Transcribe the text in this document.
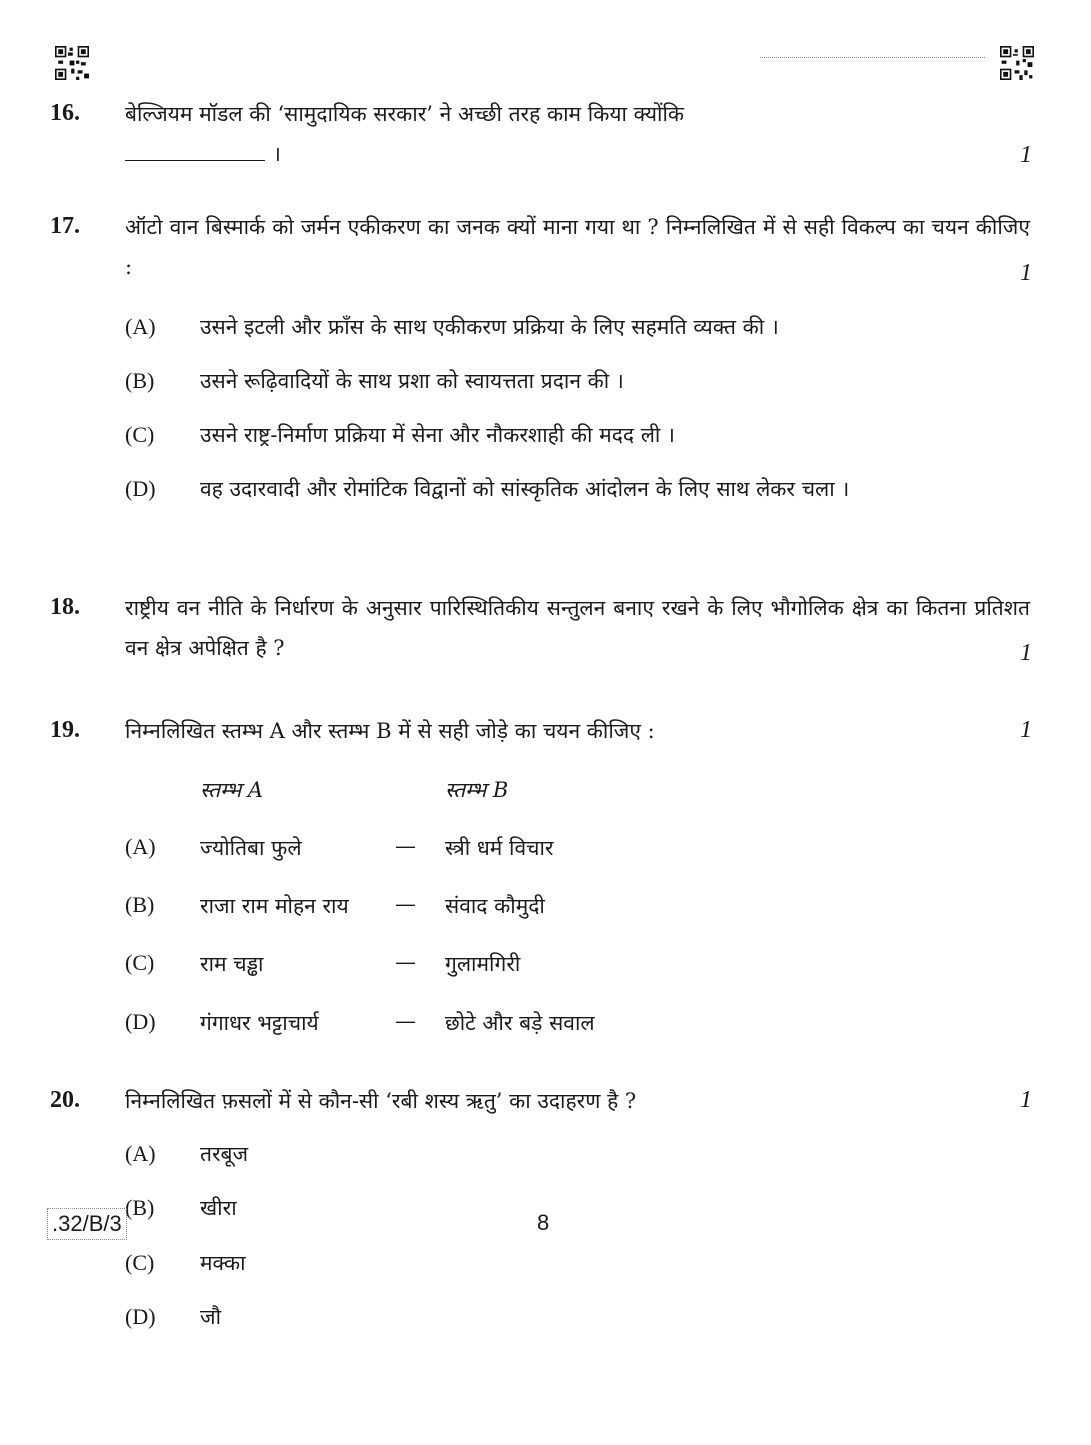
16. बेल्जियम मॉडल की ‘सामुदायिक सरकार’ ने अच्छी तरह काम किया क्योंकि
।	1
17. ऑटो वान बिस्मार्क को जर्मन एकीकरण का जनक क्यों माना गया था ? निम्नलिखित में से सही विकल्प का चयन कीजिए :	1
(A) उसने इटली और फ्राँस के साथ एकीकरण प्रक्रिया के लिए सहमति व्यक्त की ।
(B) उसने रूढ़िवादियों के साथ प्रशा को स्वायत्तता प्रदान की ।
(C) उसने राष्ट्र-निर्माण प्रक्रिया में सेना और नौकरशाही की मदद ली ।
(D) वह उदारवादी और रोमांटिक विद्वानों को सांस्कृतिक आंदोलन के लिए साथ लेकर चला ।
18. राष्ट्रीय वन नीति के निर्धारण के अनुसार पारिस्थितिकीय सन्तुलन बनाए रखने के लिए भौगोलिक क्षेत्र का कितना प्रतिशत वन क्षेत्र अपेक्षित है ?	1
19. निम्नलिखित स्तम्भ A और स्तम्भ B में से सही जोड़े का चयन कीजिए :	1
स्तम्भ A	स्तम्भ B
(A) ज्योतिबा फुले	— स्त्री धर्म विचार
(B) राजा राम मोहन राय — संवाद कौमुदी
(C) राम चड्ढा	— गुलामगिरी
(D) गंगाधर भट्टाचार्य	— छोटे और बड़े सवाल
20. निम्नलिखित फ़सलों में से कौन-सी ‘रबी शस्य ऋतु’ का उदाहरण है ?	1
(A) तरबूज
(B) खीरा
(C) मक्का
(D) जौ
.32/B/3	8
